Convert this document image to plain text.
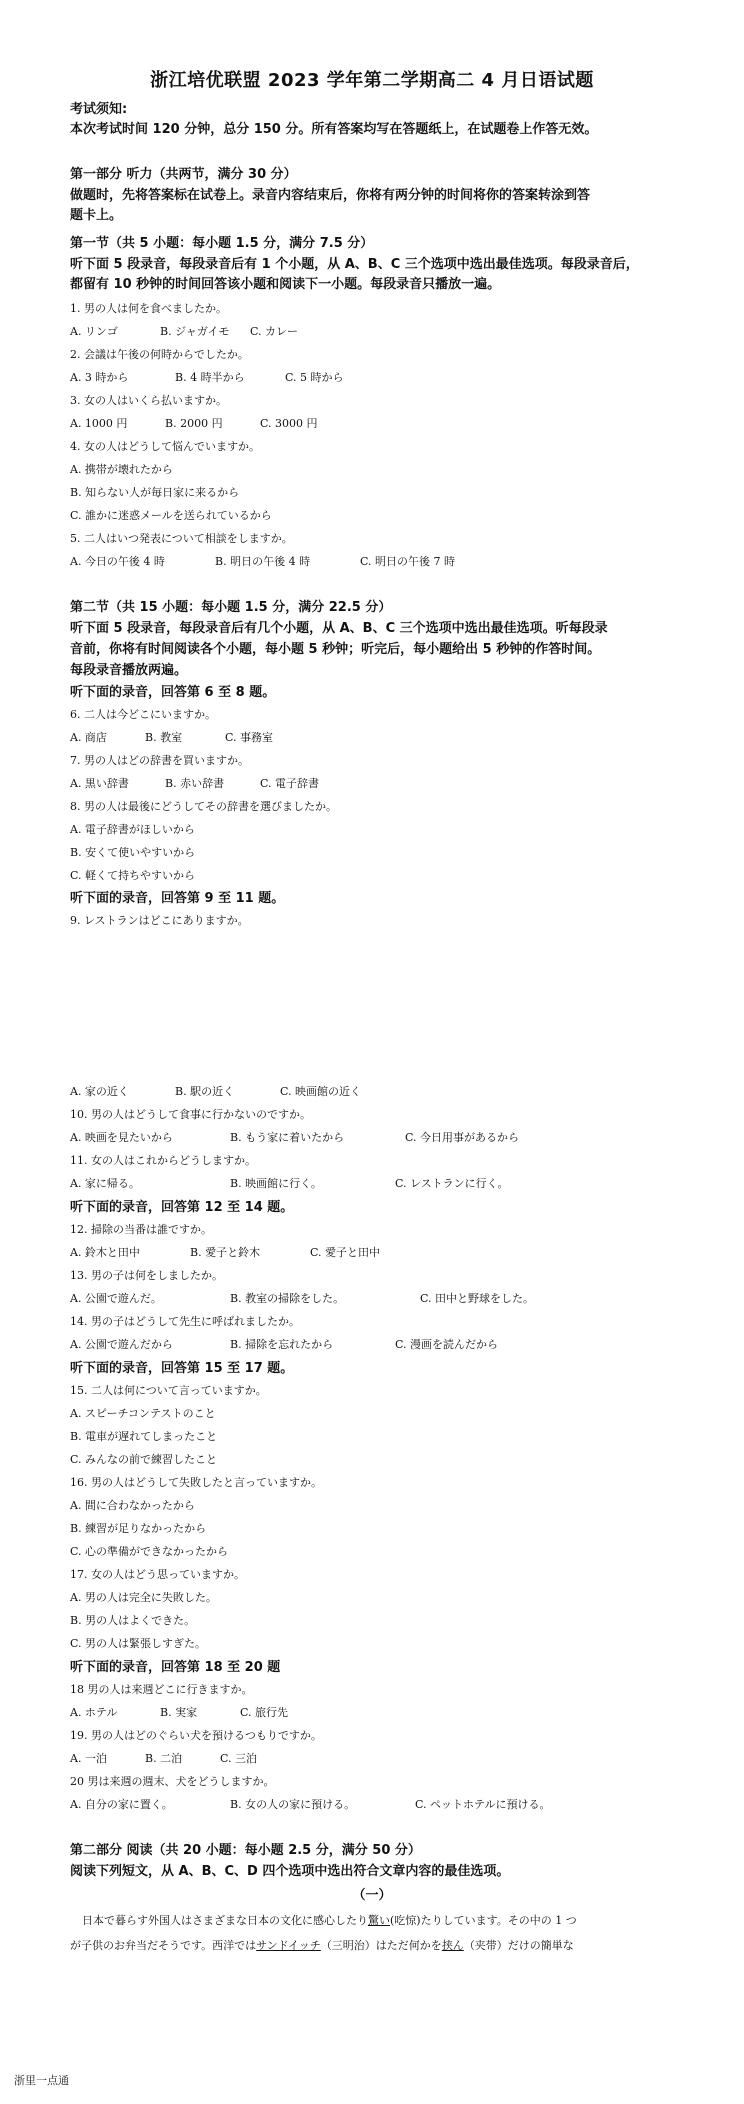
浙江培优联盟 2023 学年第二学期高二 4 月日语试题
考试须知:
本次考试时间 120 分钟，总分 150 分。所有答案均写在答题纸上，在试题卷上作答无效。
第一部分 听力（共两节，满分 30 分）
做题时，先将答案标在试卷上。录音内容结束后，你将有两分钟的时间将你的答案转涂到答
题卡上。
第一节（共 5 小题：每小题 1.5 分，满分 7.5 分）
听下面 5 段录音，每段录音后有 1 个小题，从 A、B、C 三个选项中选出最佳选项。每段录音后，
都留有 10 秒钟的时间回答该小题和阅读下一小题。每段录音只播放一遍。
1. 男の人は何を食べましたか。
A. リンゴ	B. ジャガイモ C. カレー
2. 会議は午後の何時からでしたか。
A. 3 時から	B. 4 時半から	C. 5 時から
3. 女の人はいくら払いますか。
A. 1000 円	B. 2000 円	C. 3000 円
4. 女の人はどうして悩んでいますか。
A. 携帯が壊れたから
B. 知らない人が毎日家に来るから
C. 誰かに迷惑メールを送られているから
5. 二人はいつ発表について相談をしますか。
A. 今日の午後 4 時	B. 明日の午後 4 時	C. 明日の午後 7 時
第二节（共 15 小题：每小题 1.5 分，满分 22.5 分）
听下面 5 段录音，每段录音后有几个小题，从 A、B、C 三个选项中选出最佳选项。听每段录
音前，你将有时间阅读各个小题，每小题 5 秒钟；听完后，每小题给出 5 秒钟的作答时间。
每段录音播放两遍。
听下面的录音，回答第 6 至 8 题。
6. 二人は今どこにいますか。
A. 商店	B. 教室	C. 事務室
7. 男の人はどの辞書を買いますか。
A. 黒い辞書	B. 赤い辞書	C. 電子辞書
8. 男の人は最後にどうしてその辞書を選びましたか。
A. 電子辞書がほしいから
B. 安くて使いやすいから
C. 軽くて持ちやすいから
听下面的录音，回答第 9 至 11 题。
9. レストランはどこにありますか。
A. 家の近く	B. 駅の近く	C. 映画館の近く
10. 男の人はどうして食事に行かないのですか。
A. 映画を見たいから	B. もう家に着いたから	C. 今日用事があるから
11. 女の人はこれからどうしますか。
A. 家に帰る。	B. 映画館に行く。	C. レストランに行く。
听下面的录音，回答第 12 至 14 题。
12. 掃除の当番は誰ですか。
A. 鈴木と田中	B. 愛子と鈴木	C. 愛子と田中
13. 男の子は何をしましたか。
A. 公園で遊んだ。	B. 教室の掃除をした。	C. 田中と野球をした。
14. 男の子はどうして先生に呼ばれましたか。
A. 公園で遊んだから	B. 掃除を忘れたから	C. 漫画を読んだから
听下面的录音，回答第 15 至 17 题。
15. 二人は何について言っていますか。
A. スピーチコンテストのこと
B. 電車が遅れてしまったこと
C. みんなの前で練習したこと
16. 男の人はどうして失敗したと言っていますか。
A. 間に合わなかったから
B. 練習が足りなかったから
C. 心の準備ができなかったから
17. 女の人はどう思っていますか。
A. 男の人は完全に失敗した。
B. 男の人はよくできた。
C. 男の人は緊張しすぎた。
听下面的录音，回答第 18 至 20 题
18 男の人は来週どこに行きますか。
A. ホテル	B. 実家	C. 旅行先
19. 男の人はどのぐらい犬を預けるつもりですか。
A. 一泊	B. 二泊	C. 三泊
20 男は来週の週末、犬をどうしますか。
A. 自分の家に置く。	B. 女の人の家に預ける。	C. ペットホテルに預ける。
第二部分 阅读（共 20 小题：每小题 2.5 分，满分 50 分）
阅读下列短文，从 A、B、C、D 四个选项中选出符合文章内容的最佳选项。
（一）
日本で暮らす外国人はさまざまな日本の文化に感心したり驚い(吃惊)たりしています。その中の 1 つ
が子供のお弁当だそうです。西洋ではサンドイッチ（三明治）はただ何かを挟ん（夹带）だけの簡単な
浙里一点通
